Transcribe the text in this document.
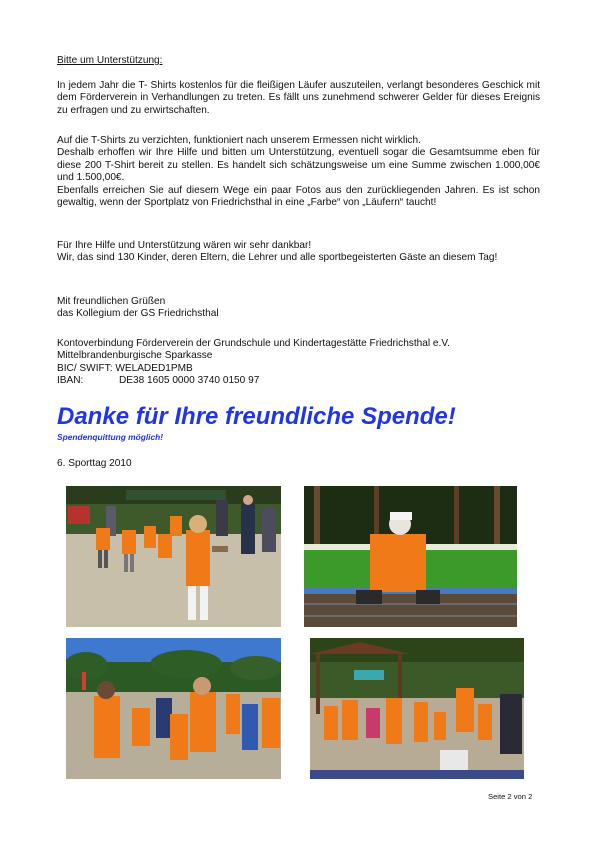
Bitte um Unterstützung:

In jedem Jahr die T- Shirts kostenlos für die fleißigen Läufer auszuteilen, verlangt besonderes Geschick mit dem Förderverein in Verhandlungen zu treten. Es fällt uns zunehmend schwerer Gelder für dieses Ereignis zu erfragen und zu erwirtschaften.

Auf die T-Shirts zu verzichten, funktioniert nach unserem Ermessen nicht wirklich.
Deshalb erhoffen wir Ihre Hilfe und bitten um Unterstützung, eventuell sogar die Gesamtsumme eben für diese 200 T-Shirt bereit zu stellen. Es handelt sich schätzungsweise um eine Summe zwischen 1.000,00€ und 1.500,00€.
Ebenfalls erreichen Sie auf diesem Wege ein paar Fotos aus den zurückliegenden Jahren. Es ist schon gewaltig, wenn der Sportplatz von Friedrichsthal in eine „Farbe“ von „Läufern“ taucht!
Für Ihre Hilfe und Unterstützung wären wir sehr dankbar!
Wir, das sind 130 Kinder, deren Eltern, die Lehrer und alle sportbegeisterten Gäste an diesem Tag!
Mit freundlichen Grüßen
das Kollegium der GS Friedrichsthal
Kontoverbindung Förderverein der Grundschule und Kindertagestätte Friedrichsthal e.V.
Mittelbrandenburgische Sparkasse
BIC/ SWIFT: WELADED1PMB
IBAN:	DE38 1605 0000 3740 0150 97
Danke für Ihre freundliche Spende!

Spendenquittung möglich!

6. Sporttag 2010

Seite 2 von 2
